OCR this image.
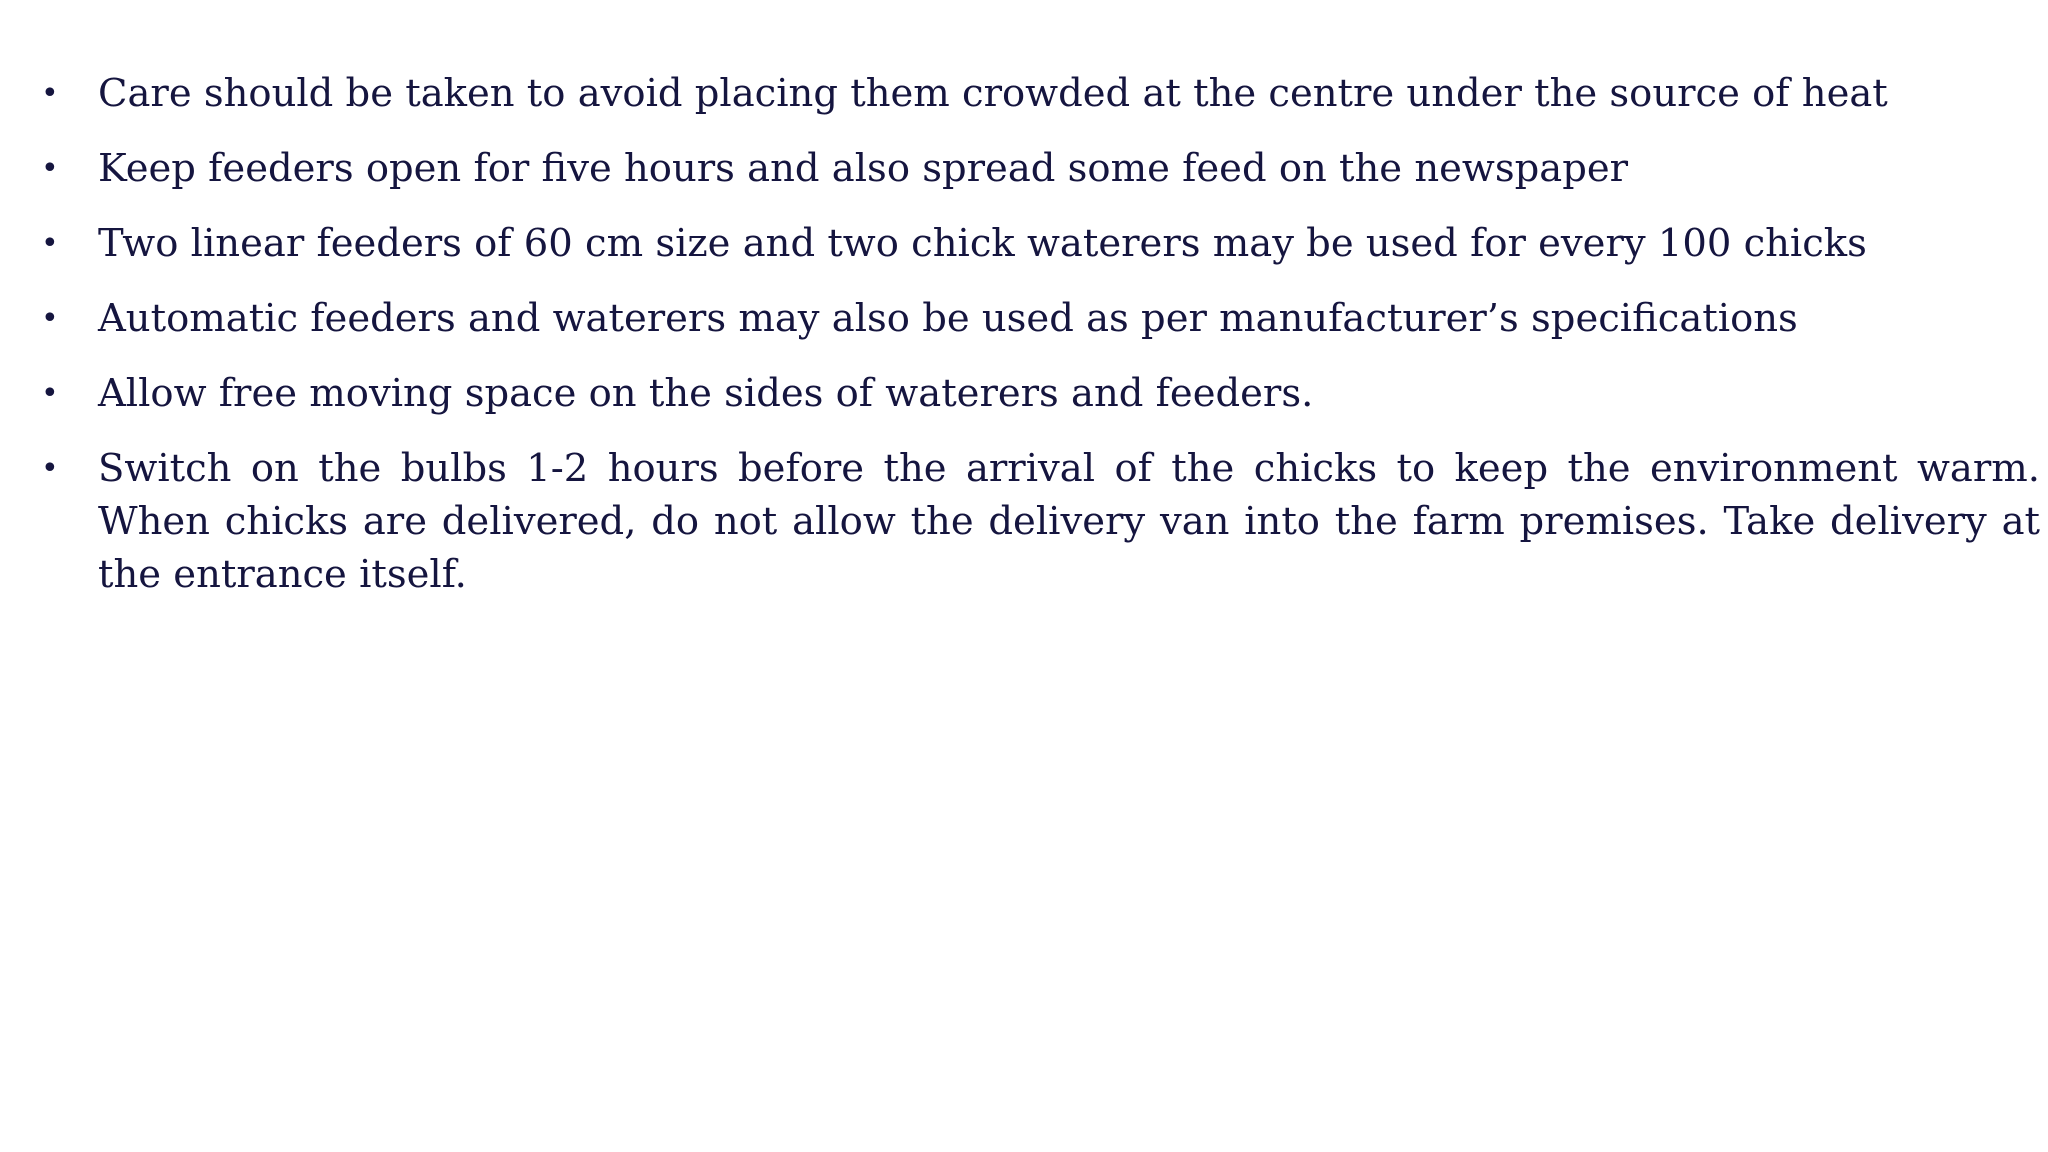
• Care should be taken to avoid placing them crowded at the centre under the source of heat
• Keep feeders open for five hours and also spread some feed on the newspaper
• Two linear feeders of 60 cm size and two chick waterers may be used for every 100 chicks
• Automatic feeders and waterers may also be used as per manufacturer’s specifications
• Allow free moving space on the sides of waterers and feeders.
• Switch on the bulbs 1-2 hours before the arrival of the chicks to keep the environment warm. When chicks are delivered, do not allow the delivery van into the farm premises. Take delivery at the entrance itself.
